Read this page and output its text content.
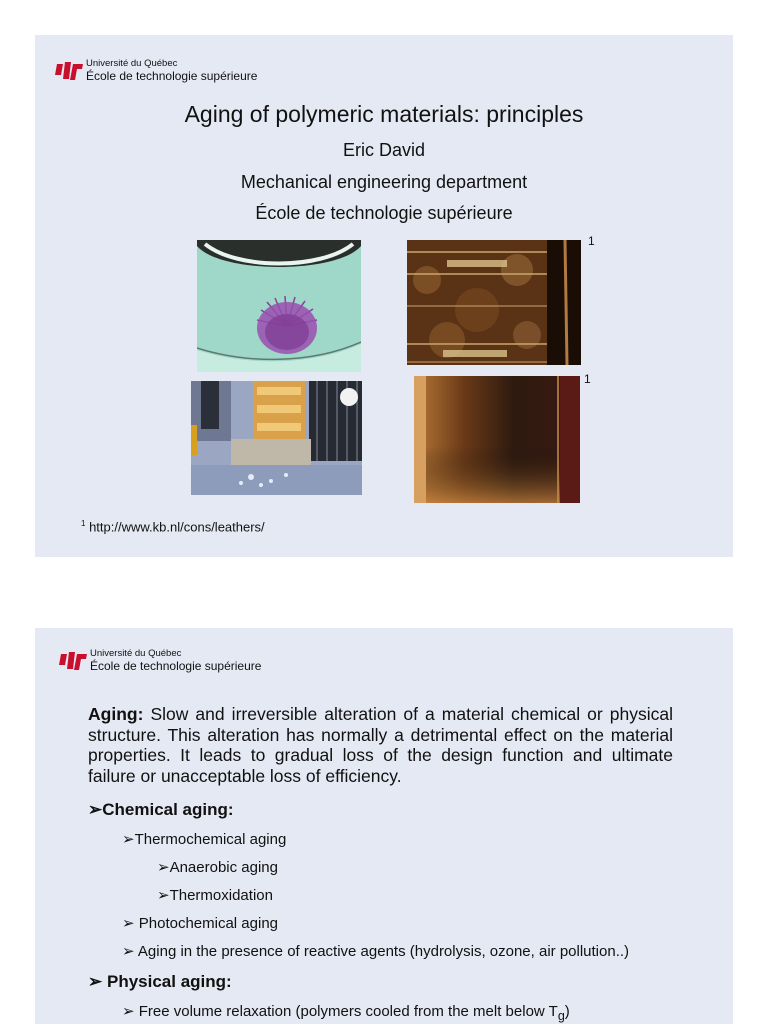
Université du Québec
École de technologie supérieure
Aging of polymeric materials: principles
Eric David
Mechanical engineering department
École de technologie supérieure
1
1
$^1$ http://www.kb.nl/cons/leathers/
Université du Québec
École de technologie supérieure
Aging: Slow and irreversible alteration of a material chemical or physical structure. This alteration has normally a detrimental effect on the material properties. It leads to gradual loss of the design function and ultimate failure or unacceptable loss of efficiency.
➢Chemical aging:
➢Thermochemical aging
➢Anaerobic aging
➢Thermoxidation
➢ Photochemical aging
➢ Aging in the presence of reactive agents (hydrolysis, ozone, air pollution..)
➢ Physical aging:
➢ Free volume relaxation (polymers cooled from the melt below $T_g$)
